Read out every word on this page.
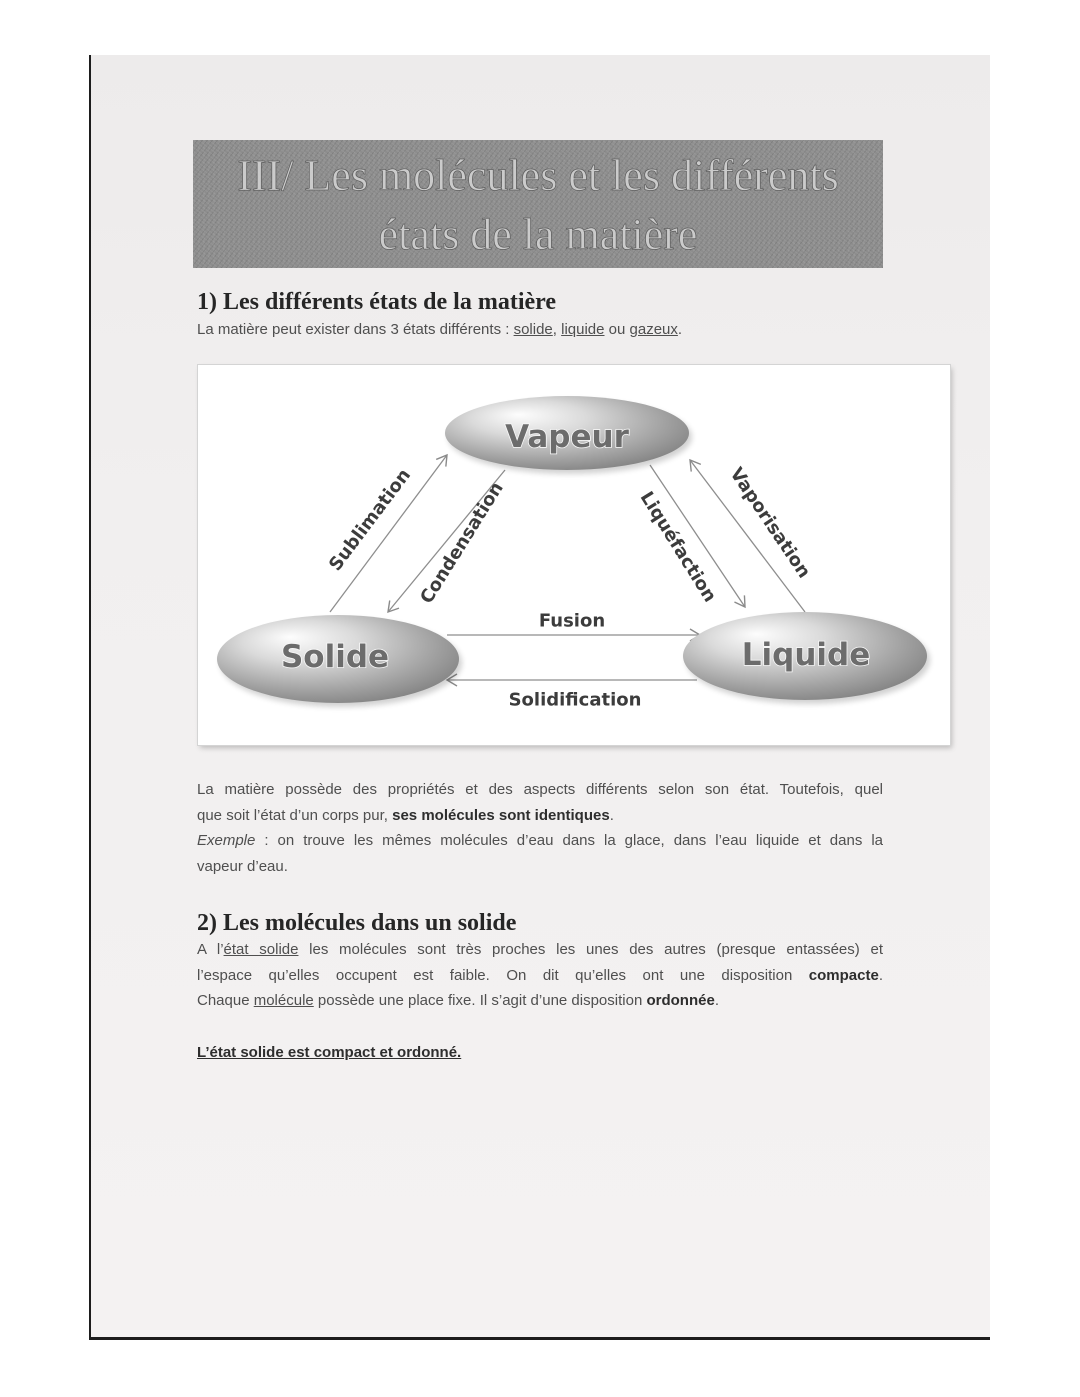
III/ Les molécules et les différents
états de la matière
1) Les différents états de la matière
La matière peut exister dans 3 états différents : solide, liquide ou gazeux.
Vapeur
Solide	Liquide
Sublimation Condensation	Liquéfaction Vaporisation
Fusion
Solidification
La matière possède des propriétés et des aspects différents selon son état. Toutefois, quel
que soit l’état d’un corps pur, ses molécules sont identiques.
Exemple : on trouve les mêmes molécules d’eau dans la glace, dans l’eau liquide et dans la
vapeur d’eau.
2) Les molécules dans un solide
A l’état solide les molécules sont très proches les unes des autres (presque entassées) et
l’espace qu’elles occupent est faible. On dit qu’elles ont une disposition compacte.
Chaque molécule possède une place fixe. Il s’agit d’une disposition ordonnée.
L’état solide est compact et ordonné.
